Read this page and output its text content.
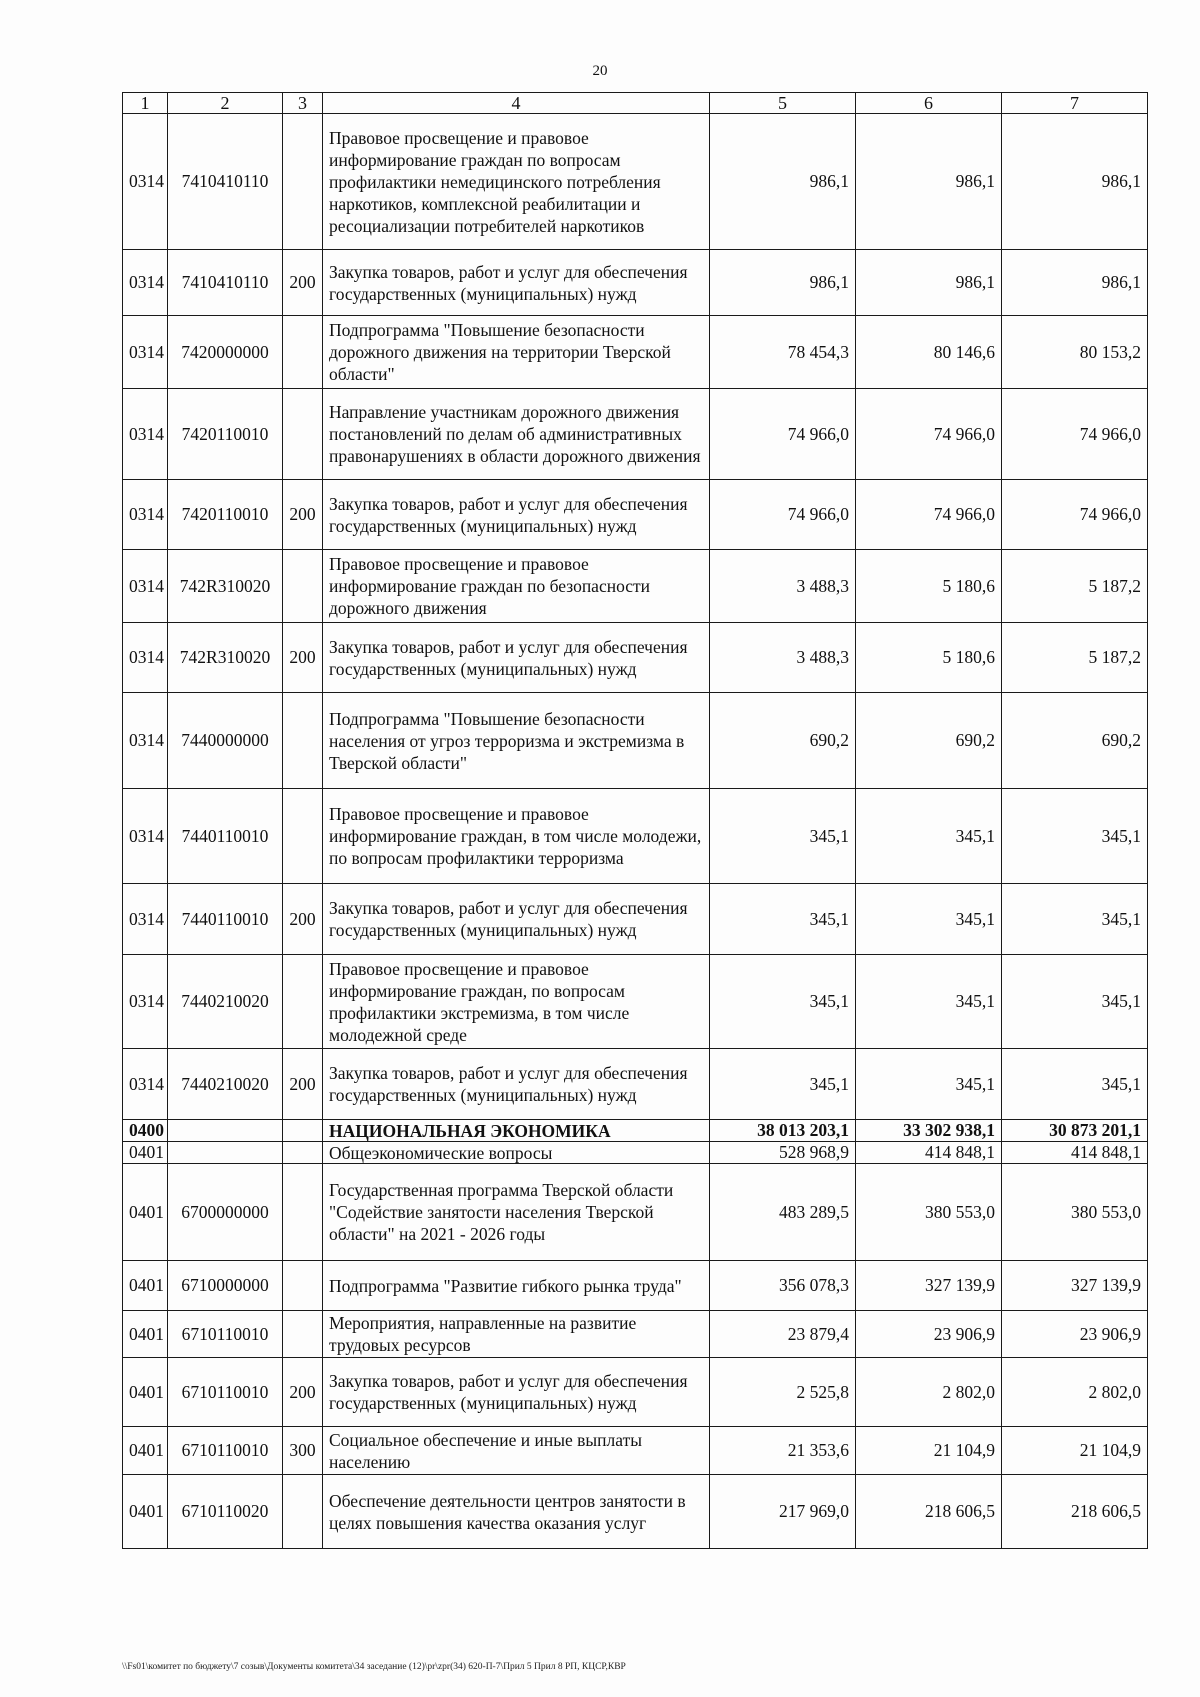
20
1	2	3	4	5	6	7
0314	7410410110		Правовое просвещение и правовое информирование граждан по вопросам профилактики немедицинского потребления наркотиков, комплексной реабилитации и ресоциализации потребителей наркотиков	986,1	986,1	986,1
0314	7410410110	200	Закупка товаров, работ и услуг для обеспечения государственных (муниципальных) нужд	986,1	986,1	986,1
0314	7420000000		Подпрограмма "Повышение безопасности дорожного движения на территории Тверской области"	78 454,3	80 146,6	80 153,2
0314	7420110010		Направление участникам дорожного движения постановлений по делам об административных правонарушениях в области дорожного движения	74 966,0	74 966,0	74 966,0
0314	7420110010	200	Закупка товаров, работ и услуг для обеспечения государственных (муниципальных) нужд	74 966,0	74 966,0	74 966,0
0314	742R310020		Правовое просвещение и правовое информирование граждан по безопасности дорожного движения	3 488,3	5 180,6	5 187,2
0314	742R310020	200	Закупка товаров, работ и услуг для обеспечения государственных (муниципальных) нужд	3 488,3	5 180,6	5 187,2
0314	7440000000		Подпрограмма "Повышение безопасности населения от угроз терроризма и экстремизма в Тверской области"	690,2	690,2	690,2
0314	7440110010		Правовое просвещение и правовое информирование граждан, в том числе молодежи, по вопросам профилактики терроризма	345,1	345,1	345,1
0314	7440110010	200	Закупка товаров, работ и услуг для обеспечения государственных (муниципальных) нужд	345,1	345,1	345,1
0314	7440210020		Правовое просвещение и правовое информирование граждан, по вопросам профилактики экстремизма, в том числе молодежной среде	345,1	345,1	345,1
0314	7440210020	200	Закупка товаров, работ и услуг для обеспечения государственных (муниципальных) нужд	345,1	345,1	345,1
0400			НАЦИОНАЛЬНАЯ ЭКОНОМИКА	38 013 203,1	33 302 938,1	30 873 201,1
0401			Общеэкономические вопросы	528 968,9	414 848,1	414 848,1
0401	6700000000		Государственная программа Тверской области "Содействие занятости населения Тверской области" на 2021 - 2026 годы	483 289,5	380 553,0	380 553,0
0401	6710000000		Подпрограмма "Развитие гибкого рынка труда"	356 078,3	327 139,9	327 139,9
0401	6710110010		Мероприятия, направленные на развитие трудовых ресурсов	23 879,4	23 906,9	23 906,9
0401	6710110010	200	Закупка товаров, работ и услуг для обеспечения государственных (муниципальных) нужд	2 525,8	2 802,0	2 802,0
0401	6710110010	300	Социальное обеспечение и иные выплаты населению	21 353,6	21 104,9	21 104,9
0401	6710110020		Обеспечение деятельности центров занятости в целях повышения качества оказания услуг	217 969,0	218 606,5	218 606,5
\\Fs01\комитет по бюджету\7 созыв\Документы комитета\34 заседание (12)\pr\zpr(34) 620-П-7\Прил 5 Прил 8 РП, КЦСР,КВР
